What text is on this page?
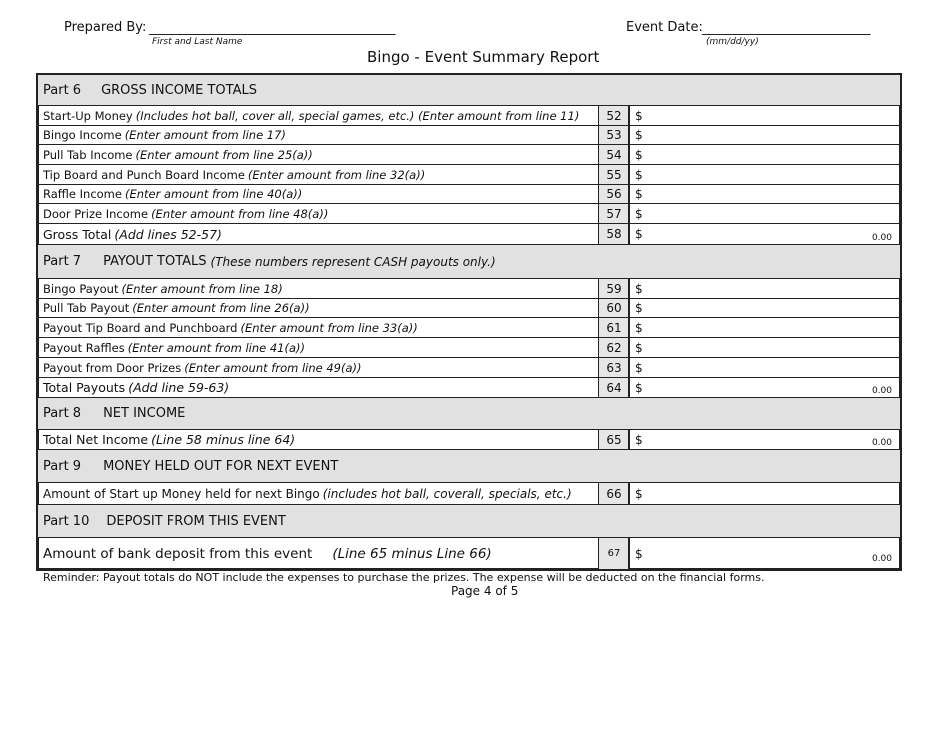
Prepared By: _________________________________________
First and Last Name
Event Date: ____________________________
(mm/dd/yy)
Bingo - Event Summary Report
Part 6 GROSS INCOME TOTALS
Start-Up Money (Includes hot ball, cover all, special games, etc.) (Enter amount from line 11)	52	$
Bingo Income (Enter amount from line 17)	53	$
Pull Tab Income (Enter amount from line 25(a))	54	$
Tip Board and Punch Board Income (Enter amount from line 32(a))	55	$
Raffle Income (Enter amount from line 40(a))	56	$
Door Prize Income (Enter amount from line 48(a))	57	$
Gross Total (Add lines 52-57)	58	$	0.00
Part 7 PAYOUT TOTALS (These numbers represent CASH payouts only.)
Bingo Payout (Enter amount from line 18)	59	$
Pull Tab Payout (Enter amount from line 26(a))	60	$
Payout Tip Board and Punchboard (Enter amount from line 33(a))	61	$
Payout Raffles (Enter amount from line 41(a))	62	$
Payout from Door Prizes (Enter amount from line 49(a))	63	$
Total Payouts (Add line 59-63)	64	$	0.00
Part 8 NET INCOME
Total Net Income (Line 58 minus line 64)	65	$	0.00
Part 9 MONEY HELD OUT FOR NEXT EVENT
Amount of Start up Money held for next Bingo (includes hot ball, coverall, specials, etc.)	66	$
Part 10 DEPOSIT FROM THIS EVENT
Amount of bank deposit from this event (Line 65 minus Line 66)	67	$	0.00
Reminder: Payout totals do NOT include the expenses to purchase the prizes. The expense will be deducted on the financial forms.
Page 4 of 5
